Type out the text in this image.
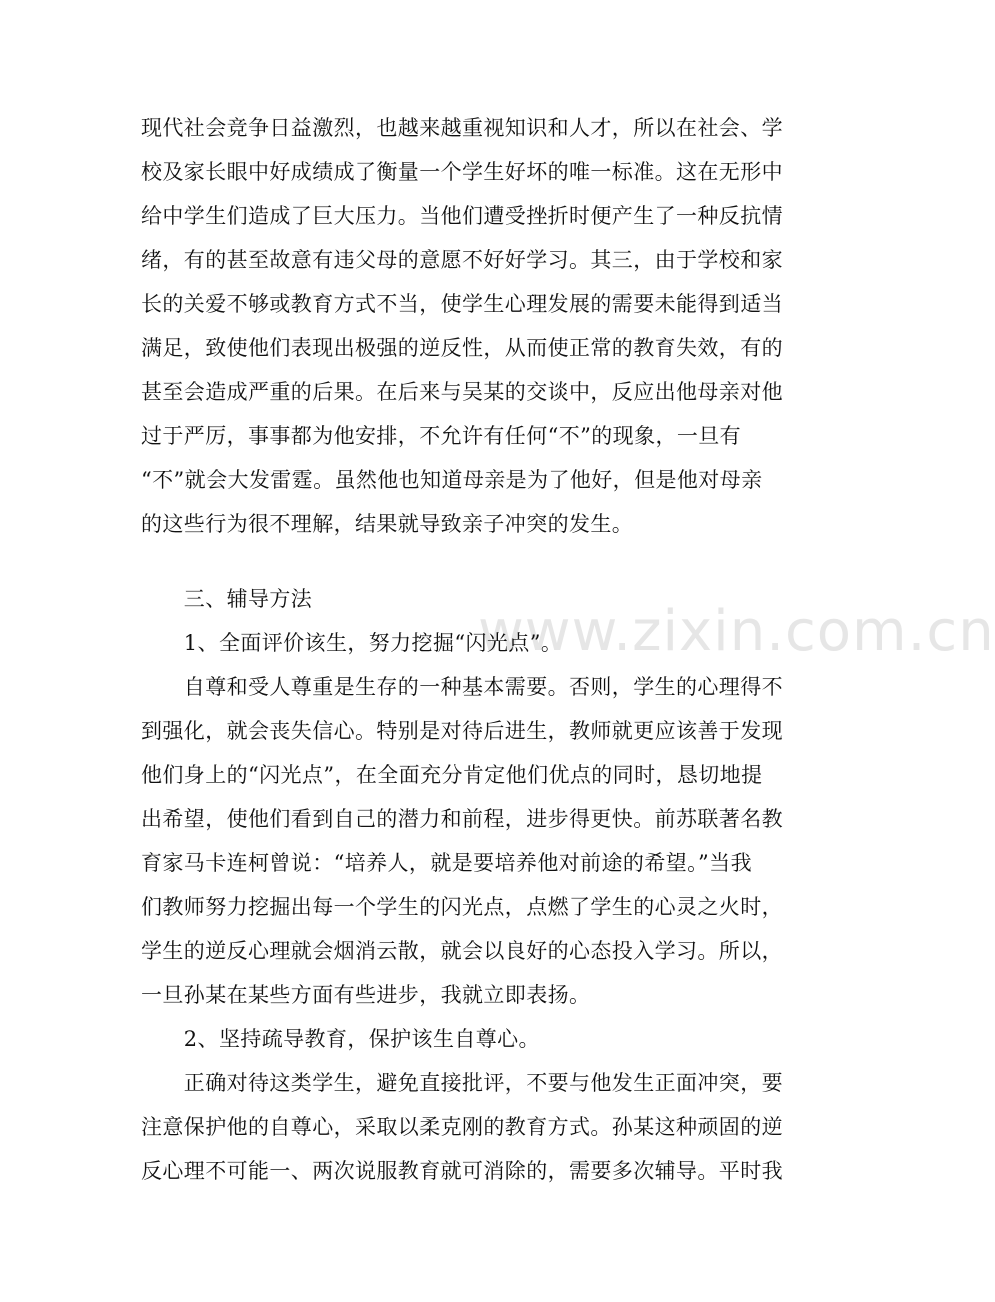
www.zixin.com.cn
现代社会竞争日益激烈，也越来越重视知识和人才，所以在社会、学
校及家长眼中好成绩成了衡量一个学生好坏的唯一标准。这在无形中
给中学生们造成了巨大压力。当他们遭受挫折时便产生了一种反抗情
绪，有的甚至故意有违父母的意愿不好好学习。其三，由于学校和家
长的关爱不够或教育方式不当，使学生心理发展的需要未能得到适当
满足，致使他们表现出极强的逆反性，从而使正常的教育失效，有的
甚至会造成严重的后果。在后来与吴某的交谈中，反应出他母亲对他
过于严厉，事事都为他安排，不允许有任何“不”的现象，一旦有
“不”就会大发雷霆。虽然他也知道母亲是为了他好，但是他对母亲
的这些行为很不理解，结果就导致亲子冲突的发生。
　　三、辅导方法
　　1、全面评价该生，努力挖掘“闪光点”。
　　自尊和受人尊重是生存的一种基本需要。否则，学生的心理得不
到强化，就会丧失信心。特别是对待后进生，教师就更应该善于发现
他们身上的“闪光点”，在全面充分肯定他们优点的同时，恳切地提
出希望，使他们看到自己的潜力和前程，进步得更快。前苏联著名教
育家马卡连柯曾说：“培养人，就是要培养他对前途的希望。”当我
们教师努力挖掘出每一个学生的闪光点，点燃了学生的心灵之火时，
学生的逆反心理就会烟消云散，就会以良好的心态投入学习。所以，
一旦孙某在某些方面有些进步，我就立即表扬。
　　2、坚持疏导教育，保护该生自尊心。
　　正确对待这类学生，避免直接批评，不要与他发生正面冲突，要
注意保护他的自尊心，采取以柔克刚的教育方式。孙某这种顽固的逆
反心理不可能一、两次说服教育就可消除的，需要多次辅导。平时我
